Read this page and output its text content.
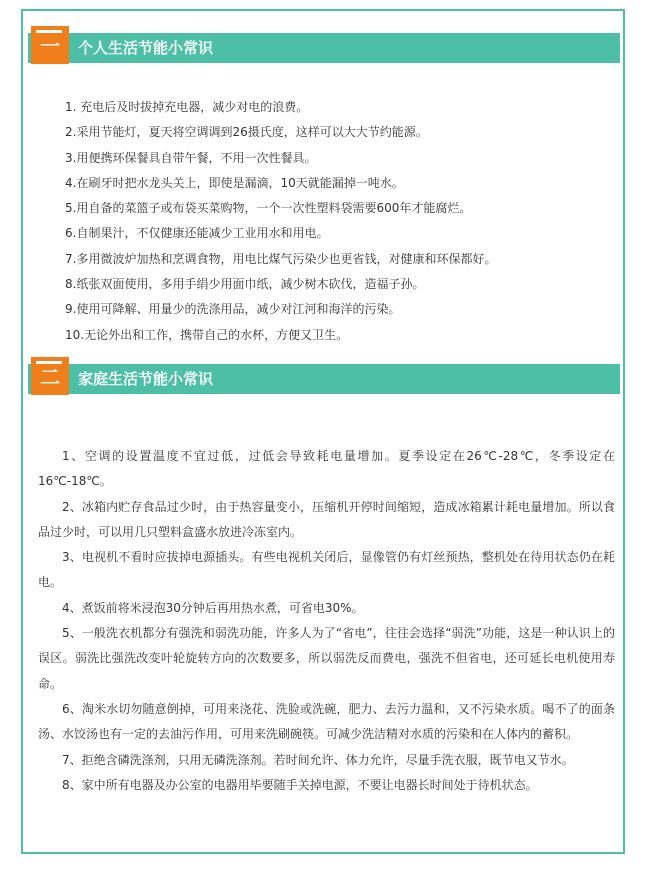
一 个人生活节能小常识
1. 充电后及时拔掉充电器，减少对电的浪费。
2.采用节能灯，夏天将空调调到26摄氏度，这样可以大大节约能源。
3.用便携环保餐具自带午餐，不用一次性餐具。
4.在刷牙时把水龙头关上，即使是漏滴，10天就能漏掉一吨水。
5.用自备的菜篮子或布袋买菜购物，一个一次性塑料袋需要600年才能腐烂。
6.自制果汁，不仅健康还能减少工业用水和用电。
7.多用微波炉加热和烹调食物，用电比煤气污染少也更省钱，对健康和环保都好。
8.纸张双面使用，多用手绢少用面巾纸，减少树木砍伐，造福子孙。
9.使用可降解、用量少的洗涤用品，减少对江河和海洋的污染。
10.无论外出和工作，携带自己的水杯，方便又卫生。
二 家庭生活节能小常识

1、空调的设置温度不宜过低，过低会导致耗电量增加。夏季设定在26℃-28℃，冬季设定在16℃-18℃。

2、冰箱内贮存食品过少时，由于热容量变小，压缩机开停时间缩短，造成冰箱累计耗电量增加。所以食品过少时，可以用几只塑料盒盛水放进冷冻室内。

3、电视机不看时应拔掉电源插头。有些电视机关闭后，显像管仍有灯丝预热，整机处在待用状态仍在耗电。

4、煮饭前将米浸泡30分钟后再用热水煮，可省电30%。

5、一般洗衣机都分有强洗和弱洗功能，许多人为了“省电”，往往会选择“弱洗”功能，这是一种认识上的误区。弱洗比强洗改变叶轮旋转方向的次数要多，所以弱洗反而费电，强洗不但省电，还可延长电机使用寿命。

6、淘米水切勿随意倒掉，可用来浇花、洗脸或洗碗，肥力、去污力温和，又不污染水质。喝不了的面条汤、水饺汤也有一定的去油污作用，可用来洗刷碗筷。可减少洗洁精对水质的污染和在人体内的蓄积。

7、拒绝含磷洗涤剂，只用无磷洗涤剂。若时间允许、体力允许，尽量手洗衣服，既节电又节水。

8、家中所有电器及办公室的电器用毕要随手关掉电源，不要让电器长时间处于待机状态。
